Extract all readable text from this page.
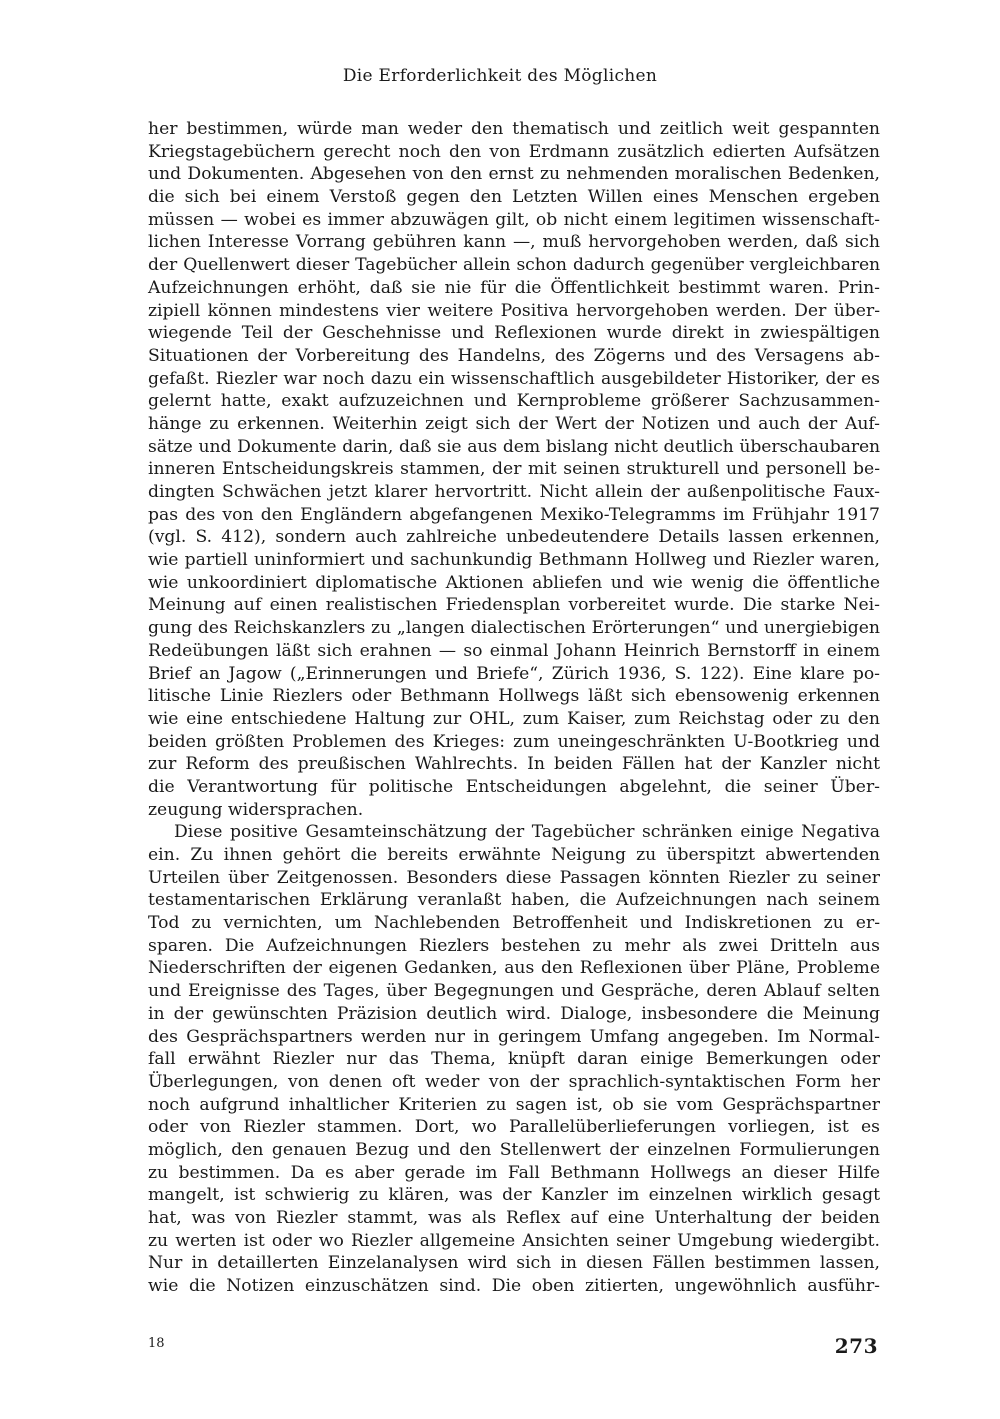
Die Erforderlichkeit des Möglichen
her bestimmen, würde man weder den thematisch und zeitlich weit gespannten
Kriegstagebüchern gerecht noch den von Erdmann zusätzlich edierten Aufsätzen
und Dokumenten. Abgesehen von den ernst zu nehmenden moralischen Bedenken,
die sich bei einem Verstoß gegen den Letzten Willen eines Menschen ergeben
müssen — wobei es immer abzuwägen gilt, ob nicht einem legitimen wissenschaft-
lichen Interesse Vorrang gebühren kann —, muß hervorgehoben werden, daß sich
der Quellenwert dieser Tagebücher allein schon dadurch gegenüber vergleichbaren
Aufzeichnungen erhöht, daß sie nie für die Öffentlichkeit bestimmt waren. Prin-
zipiell können mindestens vier weitere Positiva hervorgehoben werden. Der über-
wiegende Teil der Geschehnisse und Reflexionen wurde direkt in zwiespältigen
Situationen der Vorbereitung des Handelns, des Zögerns und des Versagens ab-
gefaßt. Riezler war noch dazu ein wissenschaftlich ausgebildeter Historiker, der es
gelernt hatte, exakt aufzuzeichnen und Kernprobleme größerer Sachzusammen-
hänge zu erkennen. Weiterhin zeigt sich der Wert der Notizen und auch der Auf-
sätze und Dokumente darin, daß sie aus dem bislang nicht deutlich überschaubaren
inneren Entscheidungskreis stammen, der mit seinen strukturell und personell be-
dingten Schwächen jetzt klarer hervortritt. Nicht allein der außenpolitische Faux-
pas des von den Engländern abgefangenen Mexiko-Telegramms im Frühjahr 1917
(vgl. S. 412), sondern auch zahlreiche unbedeutendere Details lassen erkennen,
wie partiell uninformiert und sachunkundig Bethmann Hollweg und Riezler waren,
wie unkoordiniert diplomatische Aktionen abliefen und wie wenig die öffentliche
Meinung auf einen realistischen Friedensplan vorbereitet wurde. Die starke Nei-
gung des Reichskanzlers zu „langen dialectischen Erörterungen“ und unergiebigen
Redeübungen läßt sich erahnen — so einmal Johann Heinrich Bernstorff in einem
Brief an Jagow („Erinnerungen und Briefe“, Zürich 1936, S. 122). Eine klare po-
litische Linie Riezlers oder Bethmann Hollwegs läßt sich ebensowenig erkennen
wie eine entschiedene Haltung zur OHL, zum Kaiser, zum Reichstag oder zu den
beiden größten Problemen des Krieges: zum uneingeschränkten U-Bootkrieg und
zur Reform des preußischen Wahlrechts. In beiden Fällen hat der Kanzler nicht
die Verantwortung für politische Entscheidungen abgelehnt, die seiner Über-
zeugung widersprachen.
Diese positive Gesamteinschätzung der Tagebücher schränken einige Negativa
ein. Zu ihnen gehört die bereits erwähnte Neigung zu überspitzt abwertenden
Urteilen über Zeitgenossen. Besonders diese Passagen könnten Riezler zu seiner
testamentarischen Erklärung veranlaßt haben, die Aufzeichnungen nach seinem
Tod zu vernichten, um Nachlebenden Betroffenheit und Indiskretionen zu er-
sparen. Die Aufzeichnungen Riezlers bestehen zu mehr als zwei Dritteln aus
Niederschriften der eigenen Gedanken, aus den Reflexionen über Pläne, Probleme
und Ereignisse des Tages, über Begegnungen und Gespräche, deren Ablauf selten
in der gewünschten Präzision deutlich wird. Dialoge, insbesondere die Meinung
des Gesprächspartners werden nur in geringem Umfang angegeben. Im Normal-
fall erwähnt Riezler nur das Thema, knüpft daran einige Bemerkungen oder
Überlegungen, von denen oft weder von der sprachlich-syntaktischen Form her
noch aufgrund inhaltlicher Kriterien zu sagen ist, ob sie vom Gesprächspartner
oder von Riezler stammen. Dort, wo Parallelüberlieferungen vorliegen, ist es
möglich, den genauen Bezug und den Stellenwert der einzelnen Formulierungen
zu bestimmen. Da es aber gerade im Fall Bethmann Hollwegs an dieser Hilfe
mangelt, ist schwierig zu klären, was der Kanzler im einzelnen wirklich gesagt
hat, was von Riezler stammt, was als Reflex auf eine Unterhaltung der beiden
zu werten ist oder wo Riezler allgemeine Ansichten seiner Umgebung wiedergibt.
Nur in detaillerten Einzelanalysen wird sich in diesen Fällen bestimmen lassen,
wie die Notizen einzuschätzen sind. Die oben zitierten, ungewöhnlich ausführ-
18	273
